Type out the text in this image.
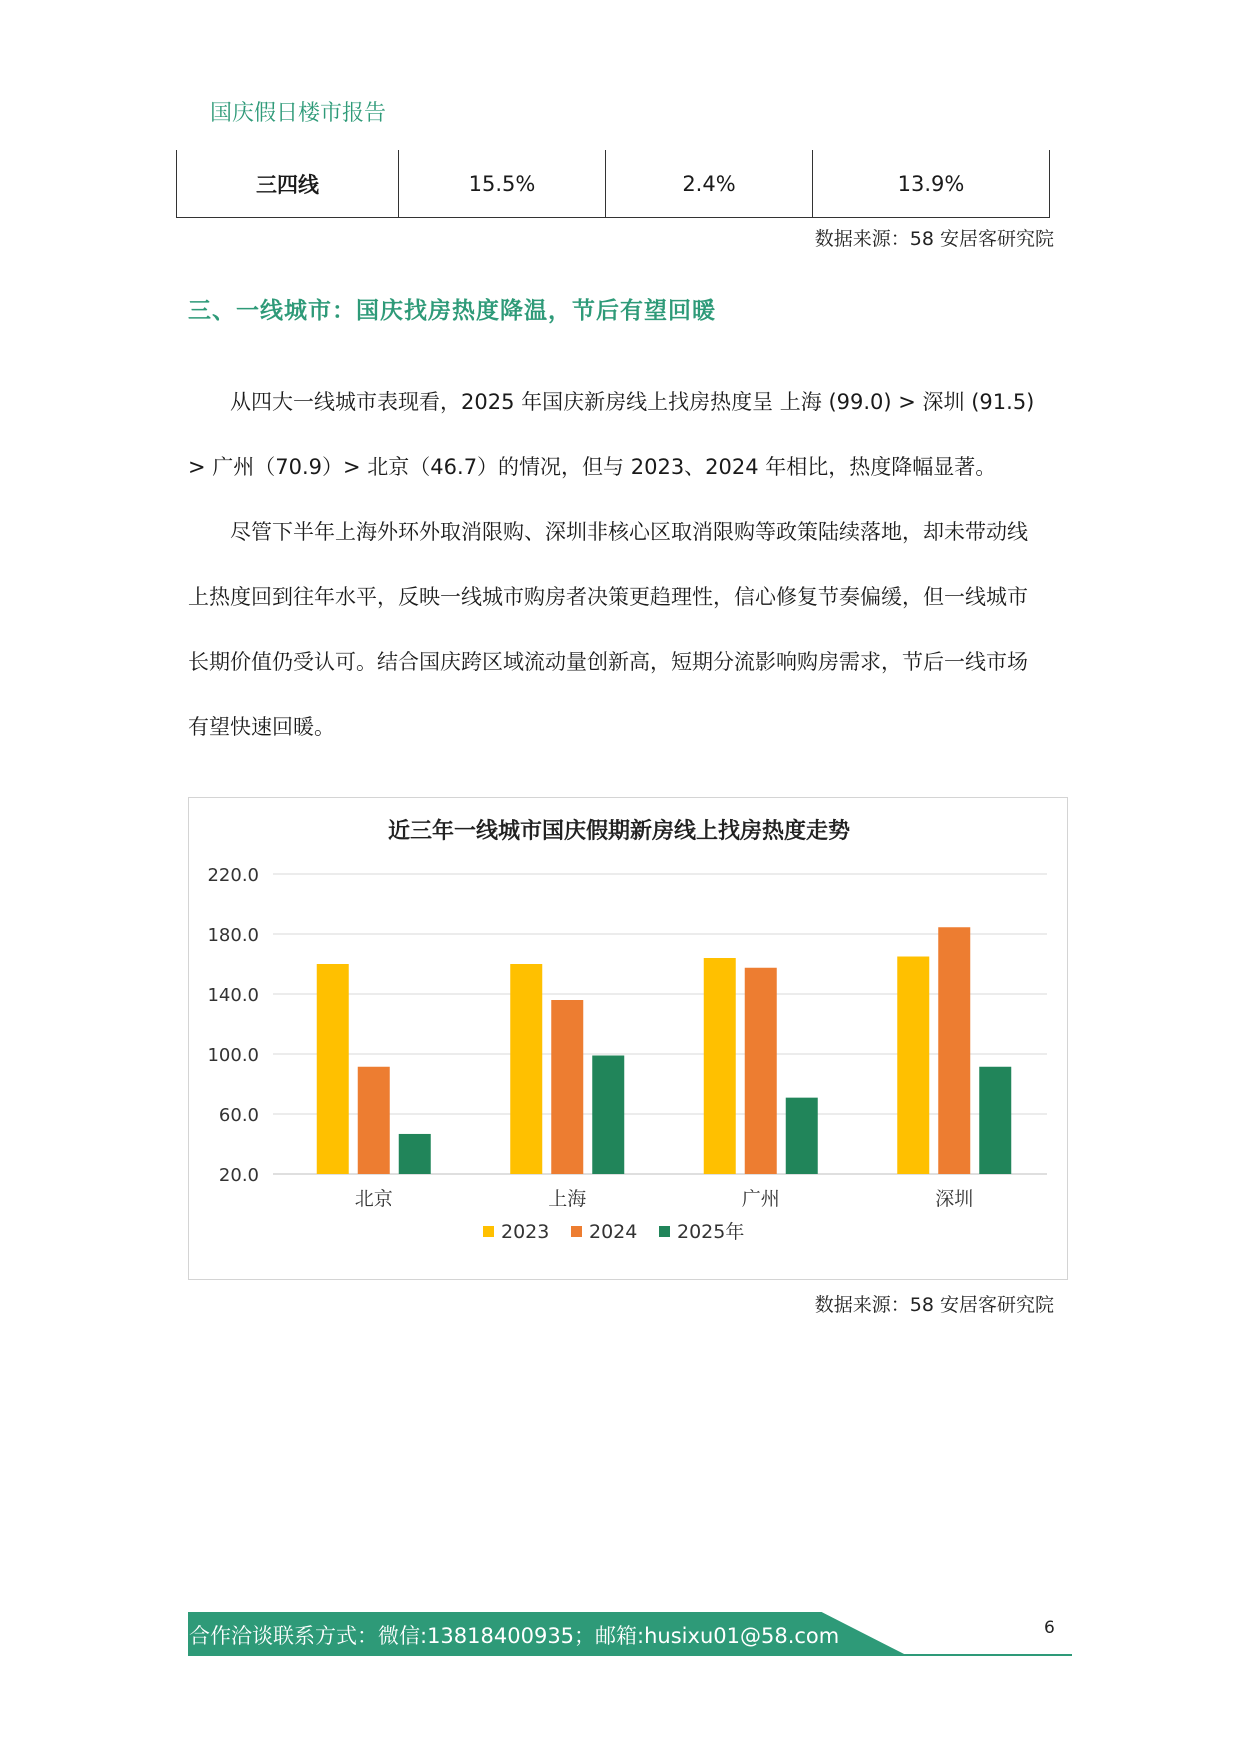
国庆假日楼市报告
三四线	15.5%	2.4%	13.9%
数据来源：58 安居客研究院
三、一线城市：国庆找房热度降温，节后有望回暖

从四大一线城市表现看，2025 年国庆新房线上找房热度呈 上海 (99.0) > 深圳 (91.5)

> 广州（70.9）> 北京（46.7）的情况，但与 2023、2024 年相比，热度降幅显著。

尽管下半年上海外环外取消限购、深圳非核心区取消限购等政策陆续落地，却未带动线

上热度回到往年水平，反映一线城市购房者决策更趋理性，信心修复节奏偏缓，但一线城市

长期价值仍受认可。结合国庆跨区域流动量创新高，短期分流影响购房需求，节后一线市场

有望快速回暖。

近三年一线城市国庆假期新房线上找房热度走势
220.0
180.0
140.0
100.0
60.0
20.0
北京	上海	广州	深圳
2023 2024 2025年
数据来源：58 安居客研究院
合作洽谈联系方式：微信:13818400935；邮箱:husixu01@58.com	6
